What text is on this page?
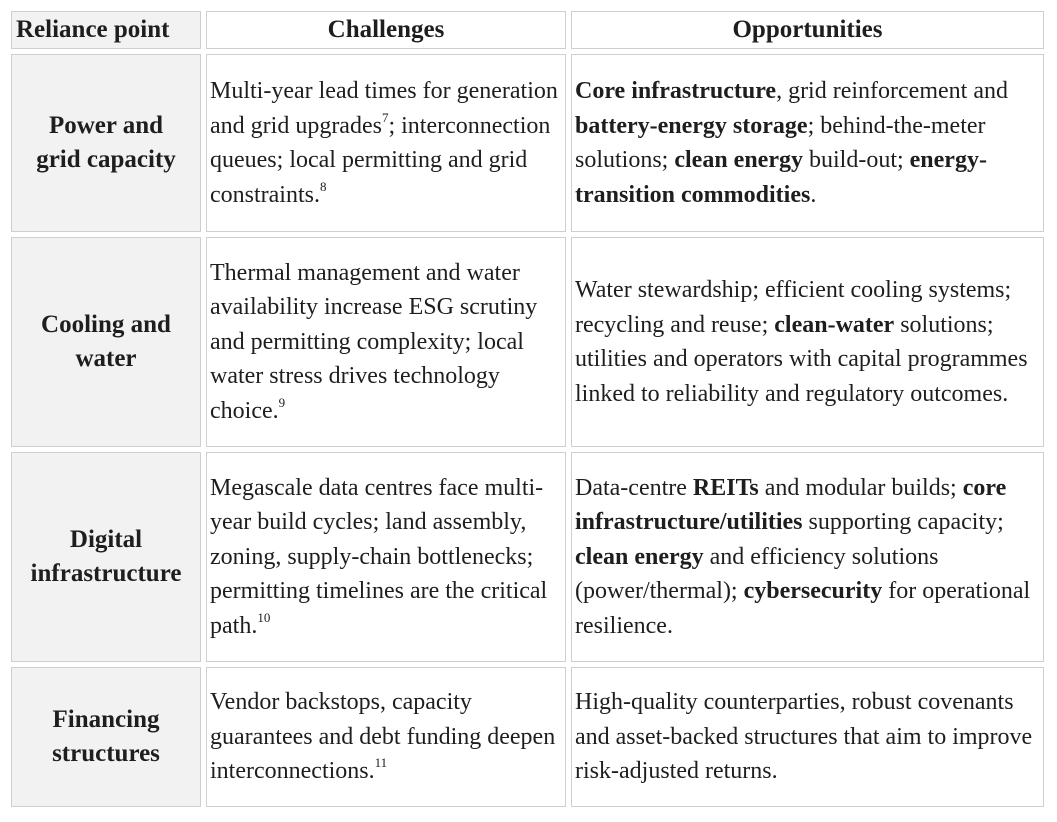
Reliance point	Challenges	Opportunities
Power and
grid capacity	Multi-year lead times for generation and grid upgrades$^7$; interconnection queues; local permitting and grid constraints.$^8$	Core infrastructure, grid reinforcement and battery-energy storage; behind-the-meter solutions; clean energy build-out; energy-transition commodities.
Cooling and
water	Thermal management and water availability increase ESG scrutiny and permitting complexity; local water stress drives technology choice.$^9$	Water stewardship; efficient cooling systems; recycling and reuse; clean-water solutions; utilities and operators with capital programmes linked to reliability and regulatory outcomes.
Digital
infrastructure	Megascale data centres face multi-year build cycles; land assembly, zoning, supply-chain bottlenecks; permitting timelines are the critical path.$^{10}$	Data-centre REITs and modular builds; core infrastructure/utilities supporting capacity; clean energy and efficiency solutions (power/thermal); cybersecurity for operational resilience.
Financing
structures	Vendor backstops, capacity guarantees and debt funding deepen interconnections.$^{11}$	High-quality counterparties, robust covenants and asset-backed structures that aim to improve risk-adjusted returns.
